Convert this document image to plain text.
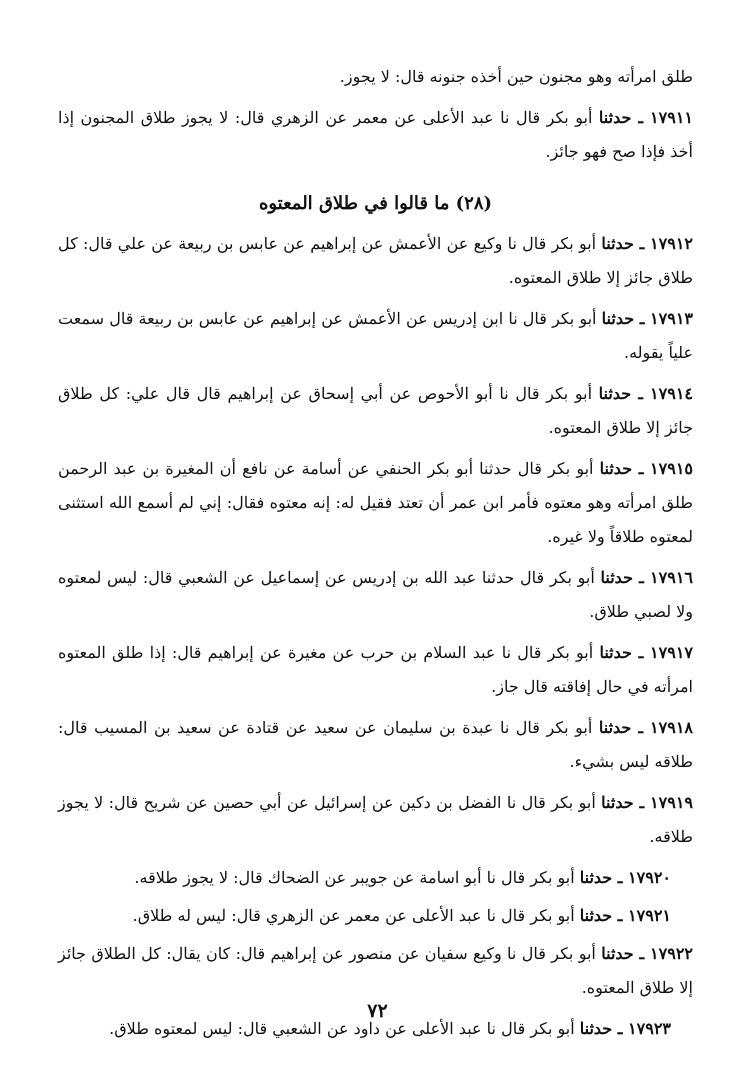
طلق امرأته وهو مجنون حين أخذه جنونه قال: لا يجوز.

١٧٩١١ ـ حدثنا أبو بكر قال نا عبد الأعلى عن معمر عن الزهري قال: لا يجوز طلاق المجنون إذا أخذ فإذا صح فهو جائز.

(٢٨) ما قالوا في طلاق المعتوه

١٧٩١٢ ـ حدثنا أبو بكر قال نا وكيع عن الأعمش عن إبراهيم عن عابس بن ربيعة عن علي قال: كل طلاق جائز إلا طلاق المعتوه.

١٧٩١٣ ـ حدثنا أبو بكر قال نا ابن إدريس عن الأعمش عن إبراهيم عن عابس بن ربيعة قال سمعت علياً يقوله.

١٧٩١٤ ـ حدثنا أبو بكر قال نا أبو الأحوص عن أبي إسحاق عن إبراهيم قال قال علي: كل طلاق جائز إلا طلاق المعتوه.

١٧٩١٥ ـ حدثنا أبو بكر قال حدثنا أبو بكر الحنفي عن أسامة عن نافع أن المغيرة بن عبد الرحمن طلق امرأته وهو معتوه فأمر ابن عمر أن تعتد فقيل له: إنه معتوه فقال: إني لم أسمع الله استثنى لمعتوه طلاقاً ولا غيره.

١٧٩١٦ ـ حدثنا أبو بكر قال حدثنا عبد الله بن إدريس عن إسماعيل عن الشعبي قال: ليس لمعتوه ولا لصبي طلاق.

١٧٩١٧ ـ حدثنا أبو بكر قال نا عبد السلام بن حرب عن مغيرة عن إبراهيم قال: إذا طلق المعتوه امرأته في حال إفاقته قال جاز.

١٧٩١٨ ـ حدثنا أبو بكر قال نا عبدة بن سليمان عن سعيد عن قتادة عن سعيد بن المسيب قال: طلاقه ليس بشيء.

١٧٩١٩ ـ حدثنا أبو بكر قال نا الفضل بن دكين عن إسرائيل عن أبي حصين عن شريح قال: لا يجوز طلاقه.

١٧٩٢٠ ـ حدثنا أبو بكر قال نا أبو اسامة عن جويبر عن الضحاك قال: لا يجوز طلاقه.

١٧٩٢١ ـ حدثنا أبو بكر قال نا عبد الأعلى عن معمر عن الزهري قال: ليس له طلاق.

١٧٩٢٢ ـ حدثنا أبو بكر قال نا وكيع سفيان عن منصور عن إبراهيم قال: كان يقال: كل الطلاق جائز إلا طلاق المعتوه.

١٧٩٢٣ ـ حدثنا أبو بكر قال نا عبد الأعلى عن داود عن الشعبي قال: ليس لمعتوه طلاق.

٧٢
